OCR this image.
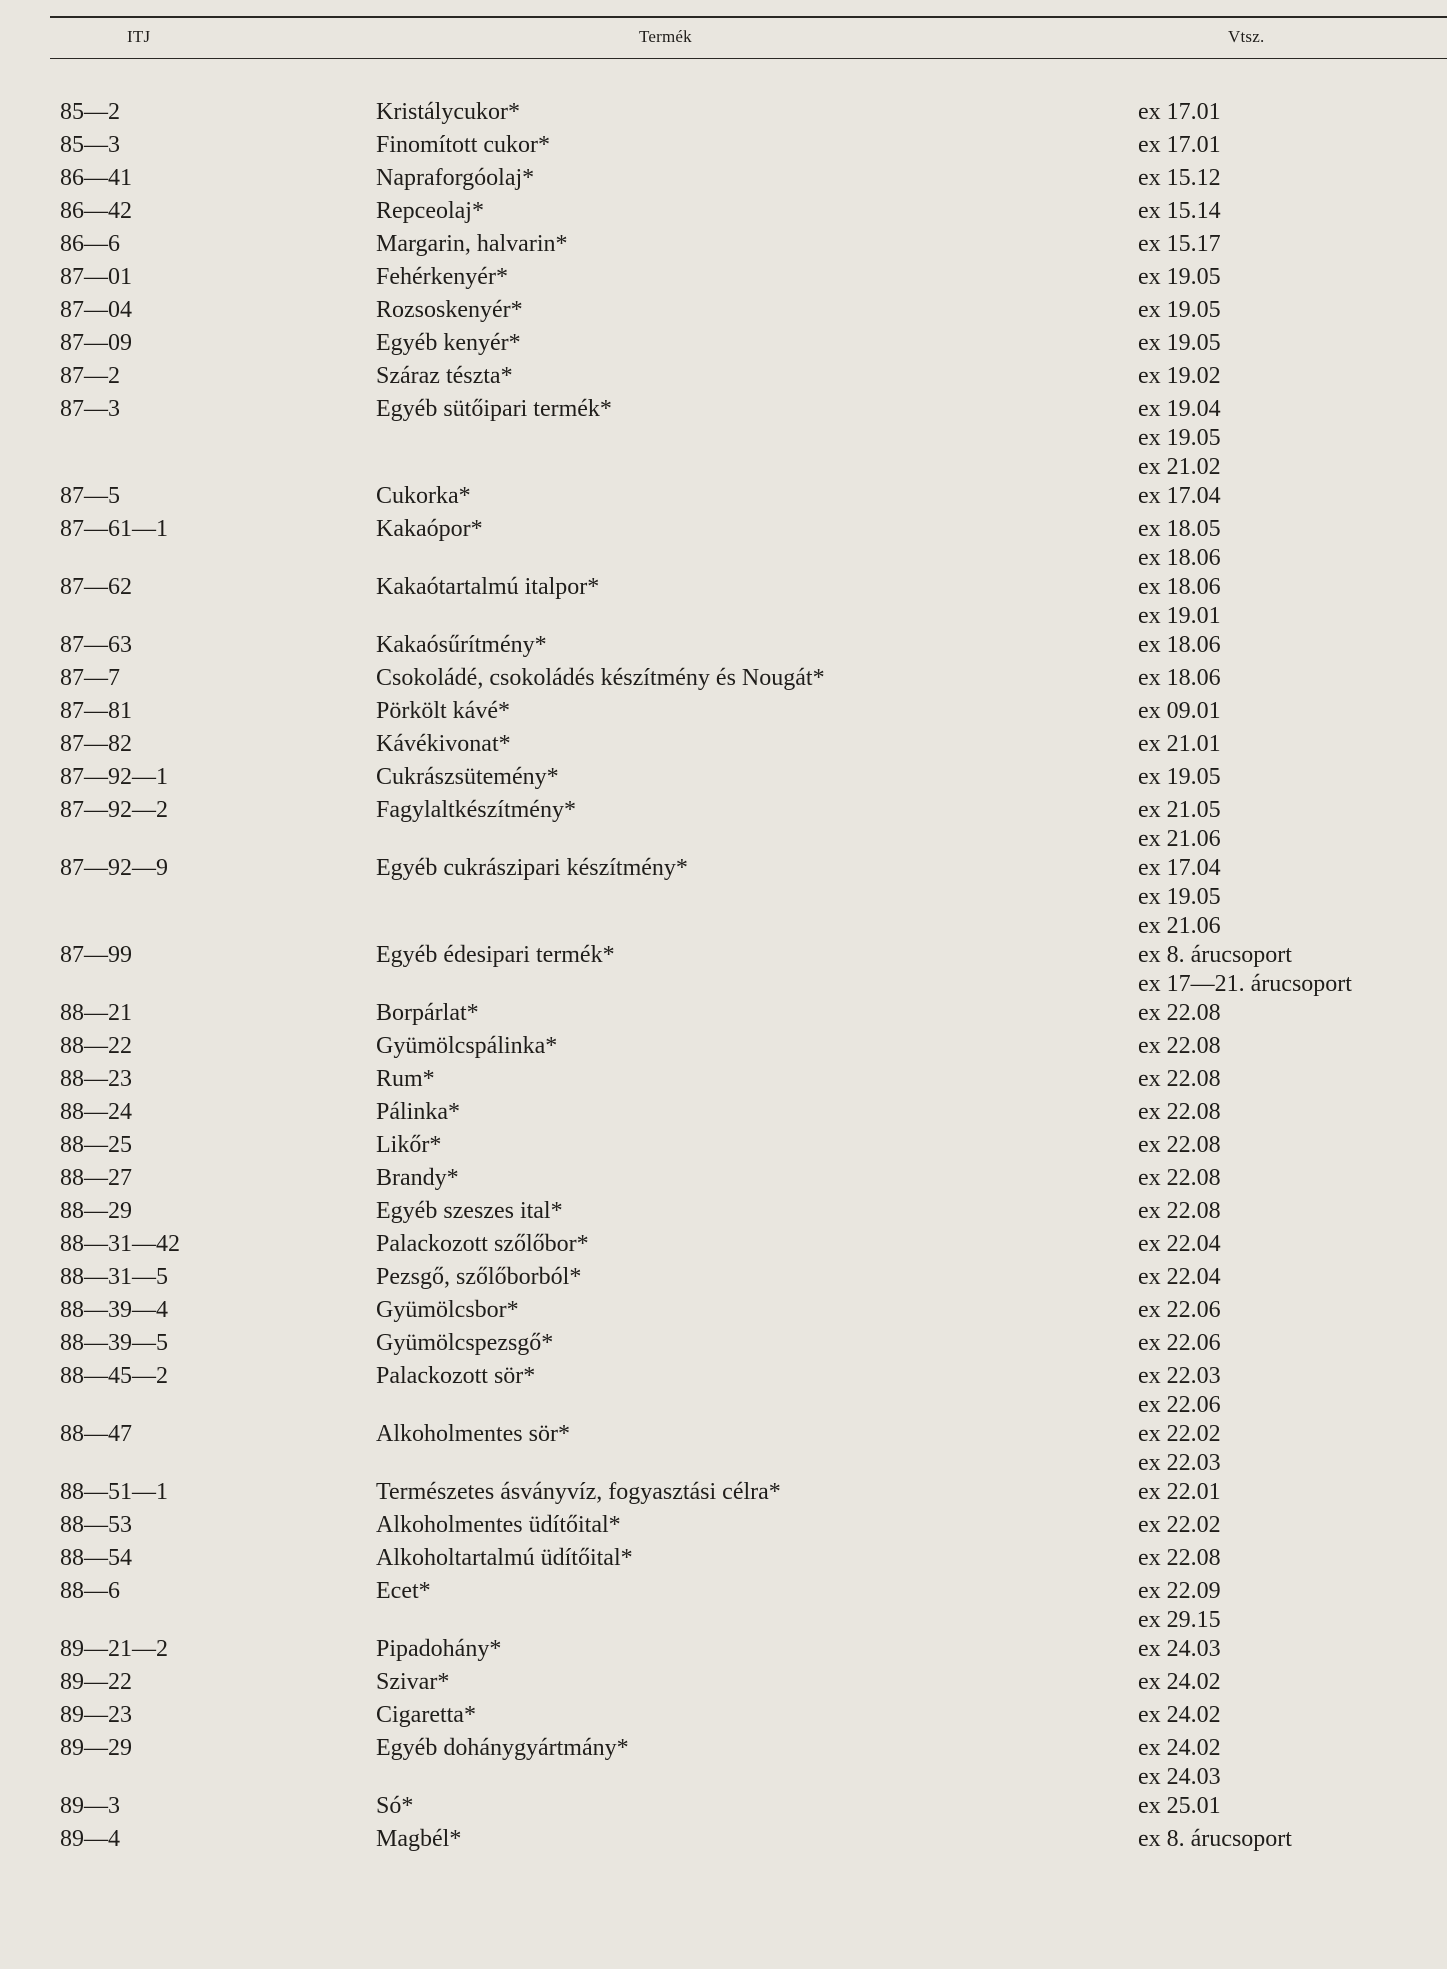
ITJ	Termék	Vtsz.
85—2	Kristálycukor*	ex 17.01
85—3	Finomított cukor*	ex 17.01
86—41	Napraforgóolaj*	ex 15.12
86—42	Repceolaj*	ex 15.14
86—6	Margarin, halvarin*	ex 15.17
87—01	Fehérkenyér*	ex 19.05
87—04	Rozsoskenyér*	ex 19.05
87—09	Egyéb kenyér*	ex 19.05
87—2	Száraz tészta*	ex 19.02
87—3	Egyéb sütőipari termék*	ex 19.04
ex 19.05
ex 21.02
87—5	Cukorka*	ex 17.04
87—61—1	Kakaópor*	ex 18.05
ex 18.06
87—62	Kakaótartalmú italpor*	ex 18.06
ex 19.01
87—63	Kakaósűrítmény*	ex 18.06
87—7	Csokoládé, csokoládés készítmény és Nougát*	ex 18.06
87—81	Pörkölt kávé*	ex 09.01
87—82	Kávékivonat*	ex 21.01
87—92—1	Cukrászsütemény*	ex 19.05
87—92—2	Fagylaltkészítmény*	ex 21.05
ex 21.06
87—92—9	Egyéb cukrászipari készítmény*	ex 17.04
ex 19.05
ex 21.06
87—99	Egyéb édesipari termék*	ex 8. árucsoport
ex 17—21. árucsoport
88—21	Borpárlat*	ex 22.08
88—22	Gyümölcspálinka*	ex 22.08
88—23	Rum*	ex 22.08
88—24	Pálinka*	ex 22.08
88—25	Likőr*	ex 22.08
88—27	Brandy*	ex 22.08
88—29	Egyéb szeszes ital*	ex 22.08
88—31—42	Palackozott szőlőbor*	ex 22.04
88—31—5	Pezsgő, szőlőborból*	ex 22.04
88—39—4	Gyümölcsbor*	ex 22.06
88—39—5	Gyümölcspezsgő*	ex 22.06
88—45—2	Palackozott sör*	ex 22.03
ex 22.06
88—47	Alkoholmentes sör*	ex 22.02
ex 22.03
88—51—1	Természetes ásványvíz, fogyasztási célra*	ex 22.01
88—53	Alkoholmentes üdítőital*	ex 22.02
88—54	Alkoholtartalmú üdítőital*	ex 22.08
88—6	Ecet*	ex 22.09
ex 29.15
89—21—2	Pipadohány*	ex 24.03
89—22	Szivar*	ex 24.02
89—23	Cigaretta*	ex 24.02
89—29	Egyéb dohánygyártmány*	ex 24.02
ex 24.03
89—3	Só*	ex 25.01
89—4	Magbél*	ex 8. árucsoport
